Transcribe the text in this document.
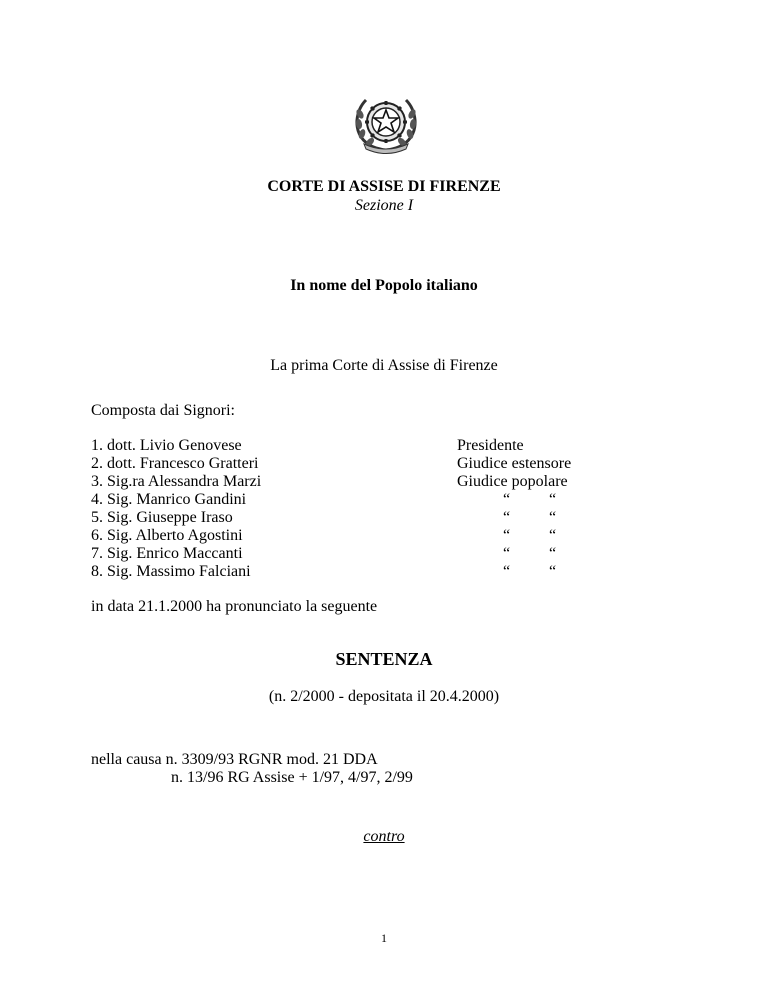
CORTE DI ASSISE DI FIRENZE
Sezione I
In nome del Popolo italiano
La prima Corte di Assise di Firenze
Composta dai Signori:
1. dott. Livio Genovese	Presidente
2. dott. Francesco Gratteri	Giudice estensore
3. Sig.ra Alessandra Marzi	Giudice popolare
4. Sig. Manrico Gandini	“ “
5. Sig. Giuseppe Iraso	“ “
6. Sig. Alberto Agostini	“ “
7. Sig. Enrico Maccanti	“ “
8. Sig. Massimo Falciani	“ “
in data 21.1.2000 ha pronunciato la seguente
SENTENZA
(n. 2/2000 - depositata il 20.4.2000)
nella causa n. 3309/93 RGNR mod. 21 DDA
n. 13/96 RG Assise + 1/97, 4/97, 2/99
contro
1
